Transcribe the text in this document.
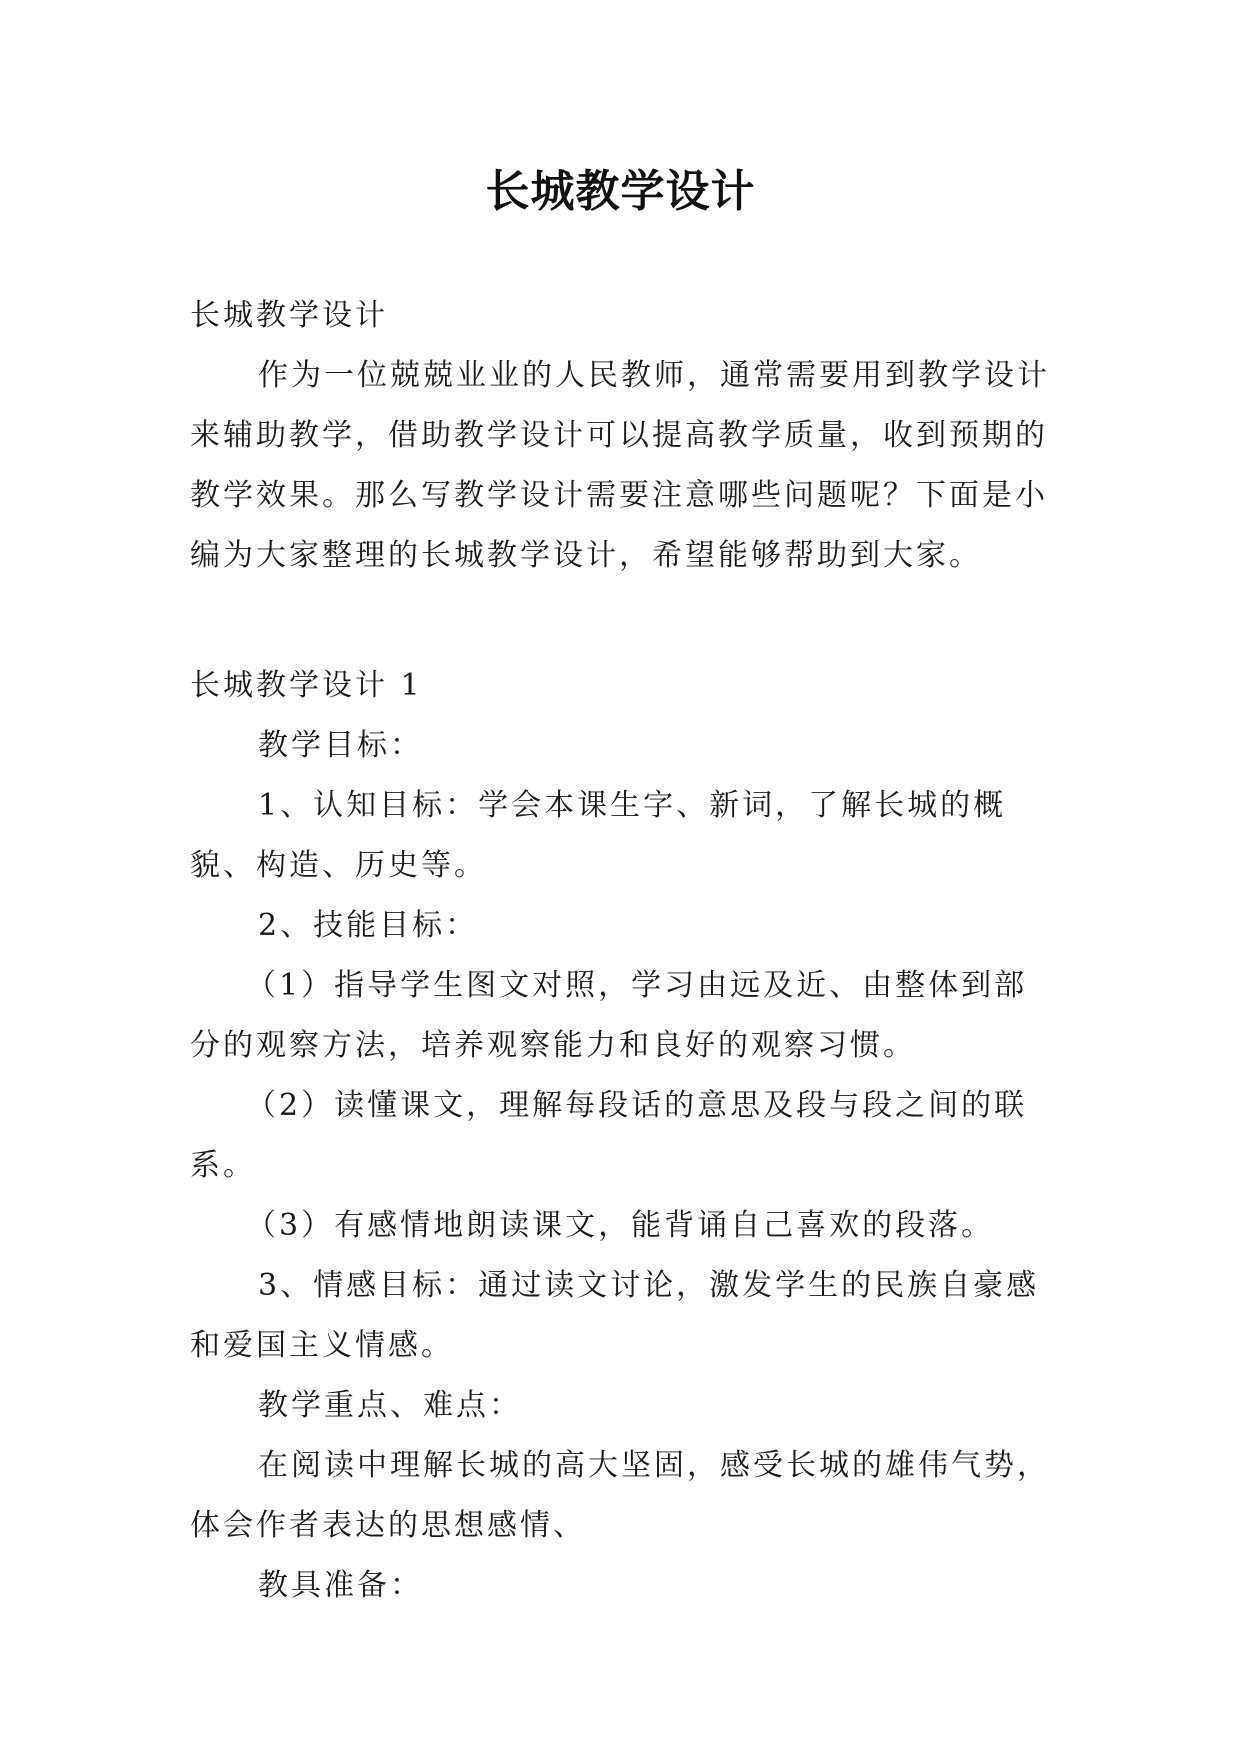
长城教学设计

长城教学设计

作为一位兢兢业业的人民教师，通常需要用到教学设计来辅助教学，借助教学设计可以提高教学质量，收到预期的教学效果。那么写教学设计需要注意哪些问题呢？下面是小编为大家整理的长城教学设计，希望能够帮助到大家。

长城教学设计 1

教学目标：

1、认知目标：学会本课生字、新词，了解长城的概貌、构造、历史等。

2、技能目标：

（1）指导学生图文对照，学习由远及近、由整体到部分的观察方法，培养观察能力和良好的观察习惯。

（2）读懂课文，理解每段话的意思及段与段之间的联系。

（3）有感情地朗读课文，能背诵自己喜欢的段落。

3、情感目标：通过读文讨论，激发学生的民族自豪感和爱国主义情感。

教学重点、难点：

在阅读中理解长城的高大坚固，感受长城的雄伟气势，体会作者表达的思想感情、

教具准备：
